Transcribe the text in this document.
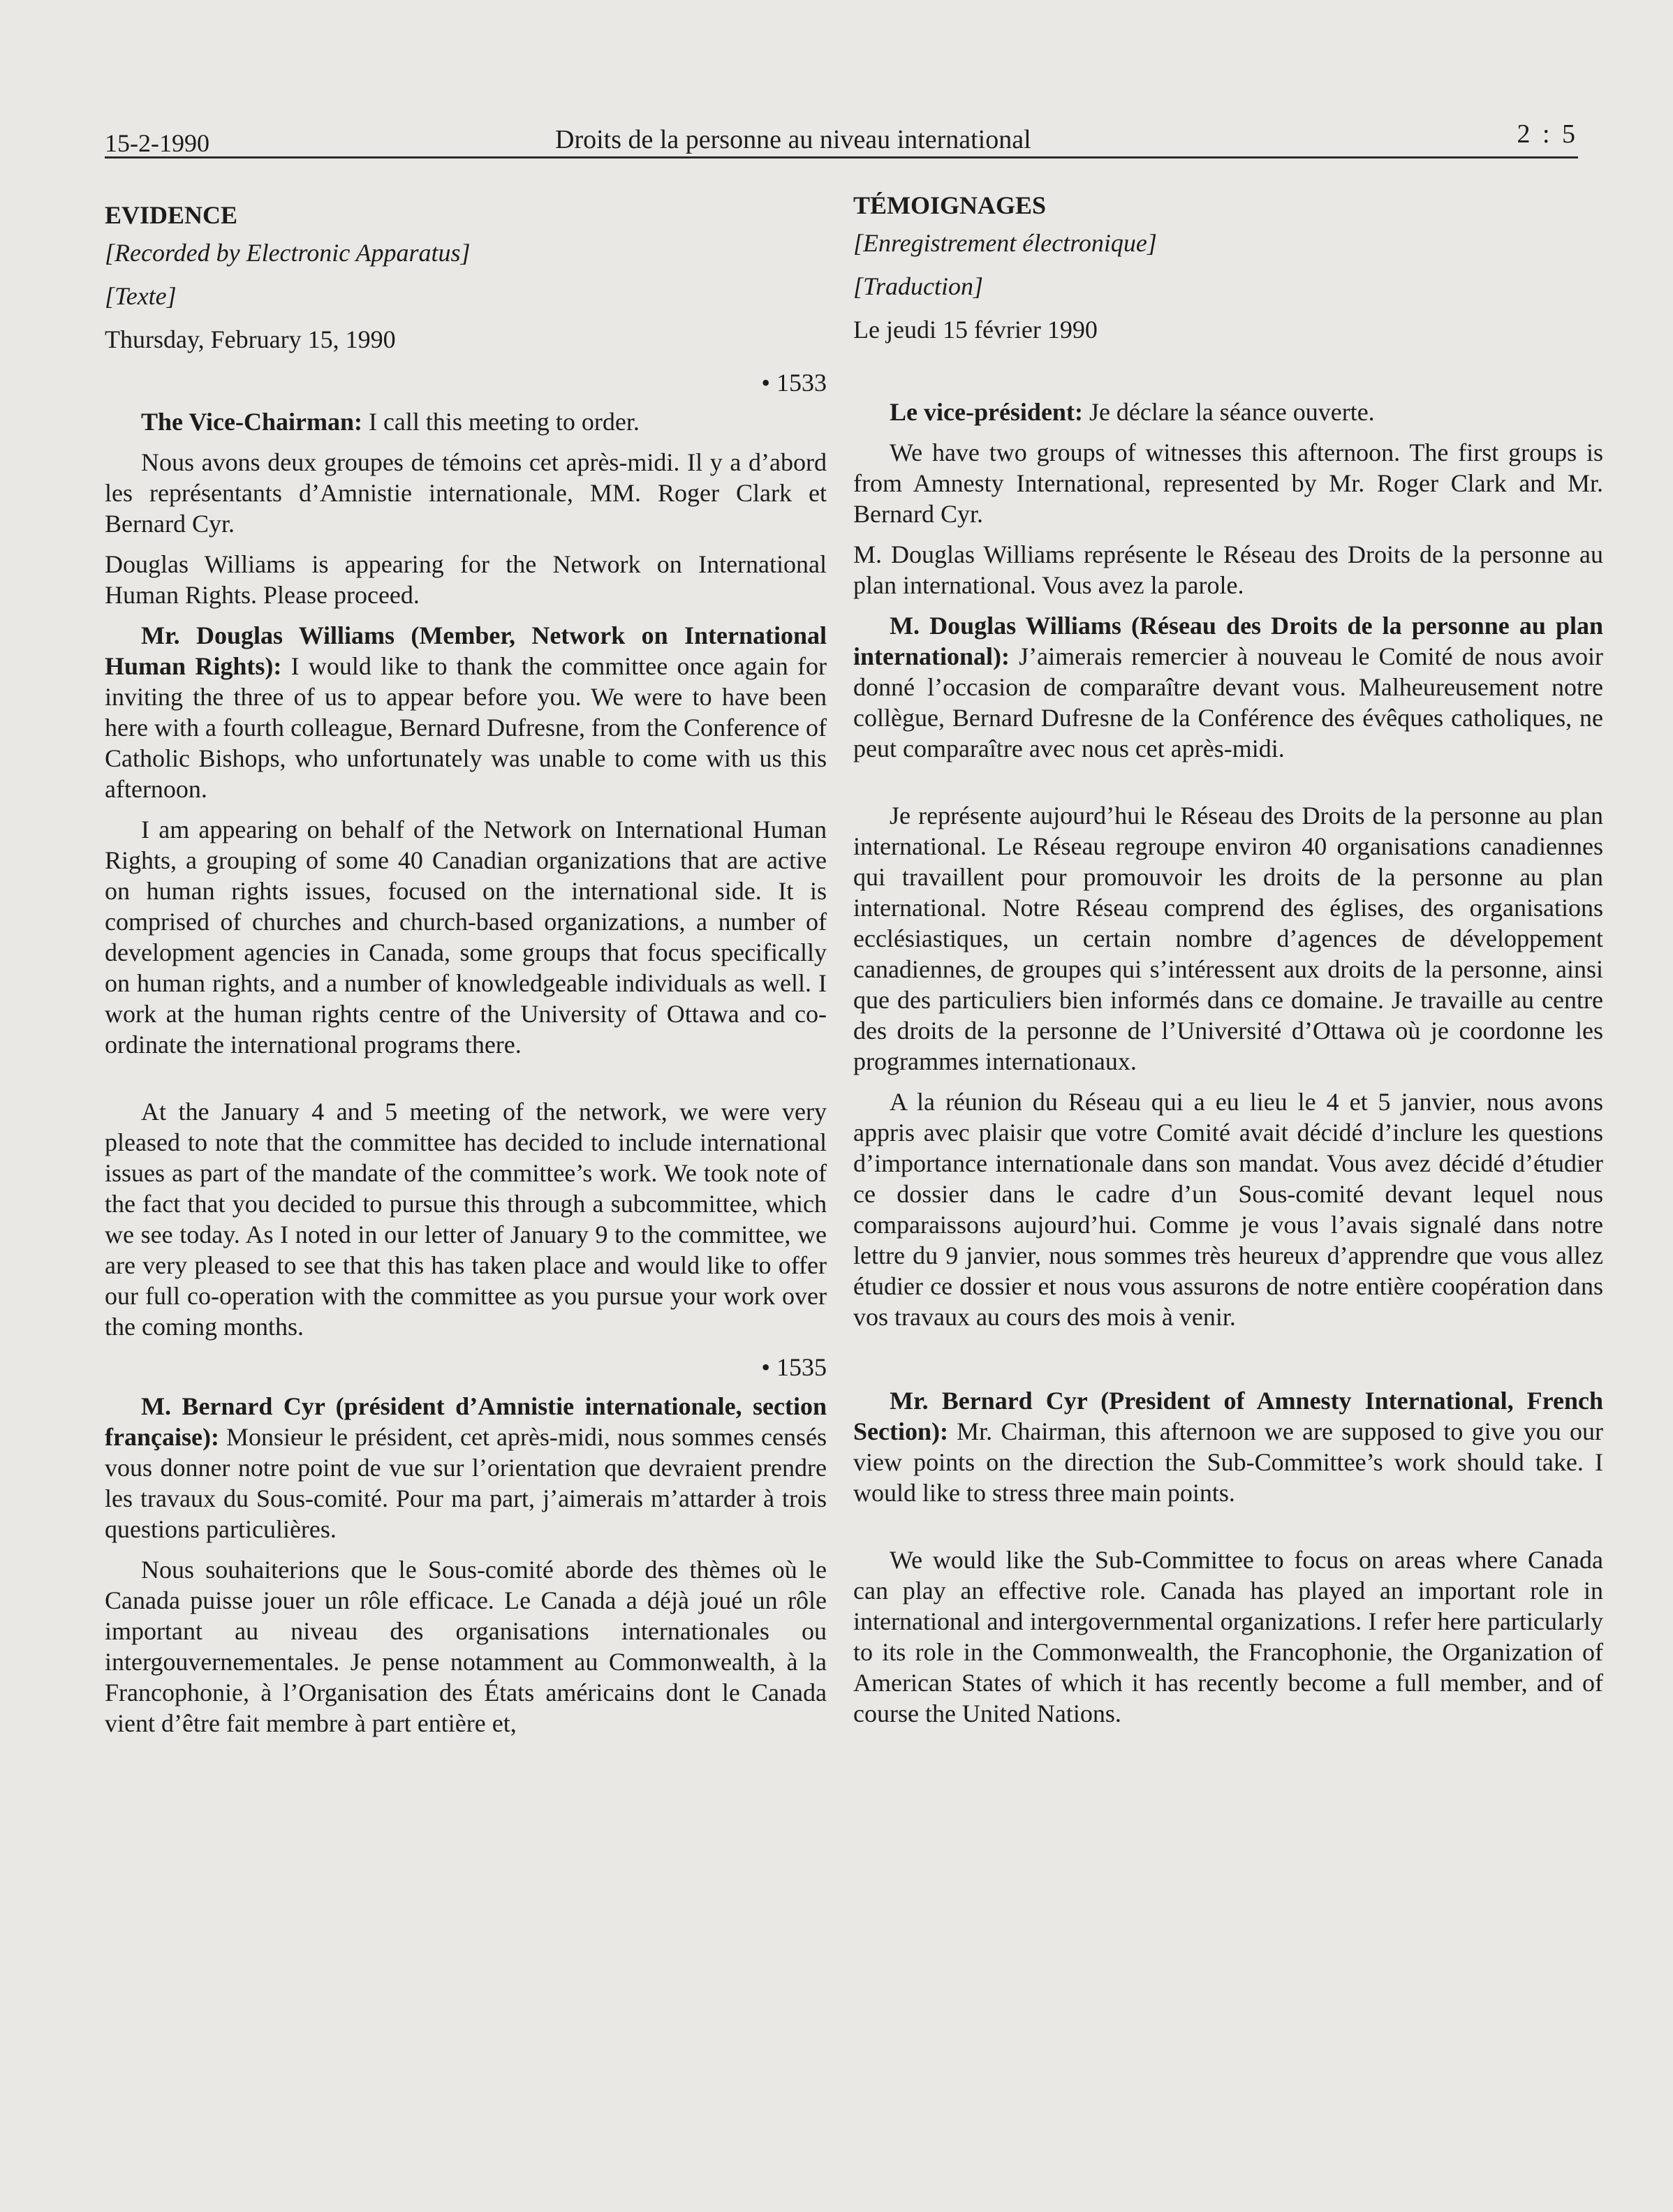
15-2-1990	Droits de la personne au niveau international	2 : 5
EVIDENCE
[Recorded by Electronic Apparatus]
[Texte]
Thursday, February 15, 1990
• 1533

The Vice-Chairman: I call this meeting to order.

Nous avons deux groupes de témoins cet après-midi. Il y a d’abord les représentants d’Amnistie internationale, MM. Roger Clark et Bernard Cyr.

Douglas Williams is appearing for the Network on International Human Rights. Please proceed.

Mr. Douglas Williams (Member, Network on International Human Rights): I would like to thank the committee once again for inviting the three of us to appear before you. We were to have been here with a fourth colleague, Bernard Dufresne, from the Conference of Catholic Bishops, who unfortunately was unable to come with us this afternoon.

I am appearing on behalf of the Network on International Human Rights, a grouping of some 40 Canadian organizations that are active on human rights issues, focused on the international side. It is comprised of churches and church-based organizations, a number of development agencies in Canada, some groups that focus specifically on human rights, and a number of knowledgeable individuals as well. I work at the human rights centre of the University of Ottawa and co-ordinate the international programs there.

At the January 4 and 5 meeting of the network, we were very pleased to note that the committee has decided to include international issues as part of the mandate of the committee’s work. We took note of the fact that you decided to pursue this through a subcommittee, which we see today. As I noted in our letter of January 9 to the committee, we are very pleased to see that this has taken place and would like to offer our full co-operation with the committee as you pursue your work over the coming months.

• 1535

M. Bernard Cyr (président d’Amnistie internationale, section française): Monsieur le président, cet après-midi, nous sommes censés vous donner notre point de vue sur l’orientation que devraient prendre les travaux du Sous-comité. Pour ma part, j’aimerais m’attarder à trois questions particulières.

Nous souhaiterions que le Sous-comité aborde des thèmes où le Canada puisse jouer un rôle efficace. Le Canada a déjà joué un rôle important au niveau des organisations internationales ou intergouvernementales. Je pense notamment au Commonwealth, à la Francophonie, à l’Organisation des États américains dont le Canada vient d’être fait membre à part entière et,

TÉMOIGNAGES
[Enregistrement électronique]
[Traduction]
Le jeudi 15 février 1990

Le vice-président: Je déclare la séance ouverte.

We have two groups of witnesses this afternoon. The first groups is from Amnesty International, represented by Mr. Roger Clark and Mr. Bernard Cyr.

M. Douglas Williams représente le Réseau des Droits de la personne au plan international. Vous avez la parole.

M. Douglas Williams (Réseau des Droits de la personne au plan international): J’aimerais remercier à nouveau le Comité de nous avoir donné l’occasion de comparaître devant vous. Malheureusement notre collègue, Bernard Dufresne de la Conférence des évêques catholiques, ne peut comparaître avec nous cet après-midi.

Je représente aujourd’hui le Réseau des Droits de la personne au plan international. Le Réseau regroupe environ 40 organisations canadiennes qui travaillent pour promouvoir les droits de la personne au plan international. Notre Réseau comprend des églises, des organisations ecclésiastiques, un certain nombre d’agences de développement canadiennes, de groupes qui s’intéressent aux droits de la personne, ainsi que des particuliers bien informés dans ce domaine. Je travaille au centre des droits de la personne de l’Université d’Ottawa où je coordonne les programmes internationaux.

A la réunion du Réseau qui a eu lieu le 4 et 5 janvier, nous avons appris avec plaisir que votre Comité avait décidé d’inclure les questions d’importance internationale dans son mandat. Vous avez décidé d’étudier ce dossier dans le cadre d’un Sous-comité devant lequel nous comparaissons aujourd’hui. Comme je vous l’avais signalé dans notre lettre du 9 janvier, nous sommes très heureux d’apprendre que vous allez étudier ce dossier et nous vous assurons de notre entière coopération dans vos travaux au cours des mois à venir.

Mr. Bernard Cyr (President of Amnesty International, French Section): Mr. Chairman, this afternoon we are supposed to give you our view points on the direction the Sub-Committee’s work should take. I would like to stress three main points.

We would like the Sub-Committee to focus on areas where Canada can play an effective role. Canada has played an important role in international and intergovernmental organizations. I refer here particularly to its role in the Commonwealth, the Francophonie, the Organization of American States of which it has recently become a full member, and of course the United Nations.
